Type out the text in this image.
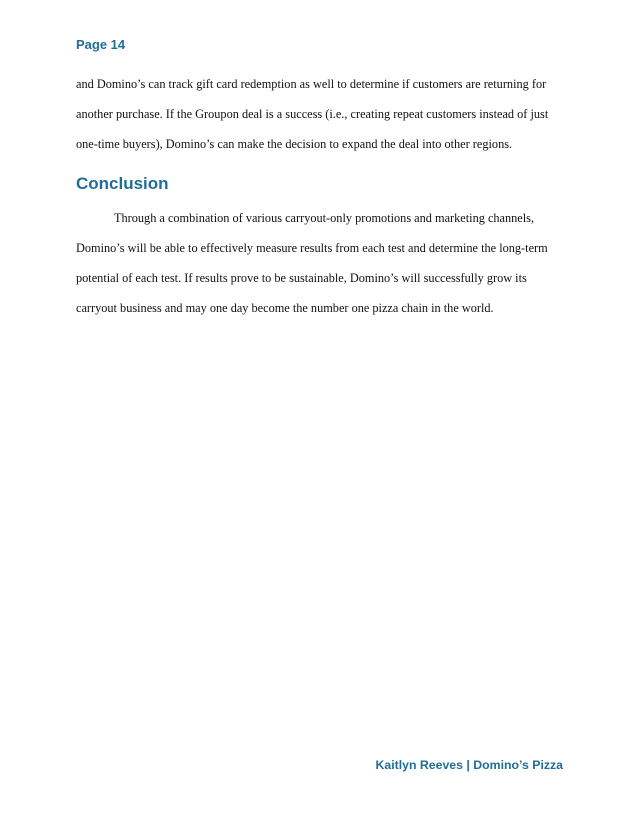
Page 14
and Domino’s can track gift card redemption as well to determine if customers are returning for
another purchase. If the Groupon deal is a success (i.e., creating repeat customers instead of just
one-time buyers), Domino’s can make the decision to expand the deal into other regions.
Conclusion
Through a combination of various carryout-only promotions and marketing channels,
Domino’s will be able to effectively measure results from each test and determine the long-term
potential of each test. If results prove to be sustainable, Domino’s will successfully grow its
carryout business and may one day become the number one pizza chain in the world.
Kaitlyn Reeves | Domino’s Pizza
